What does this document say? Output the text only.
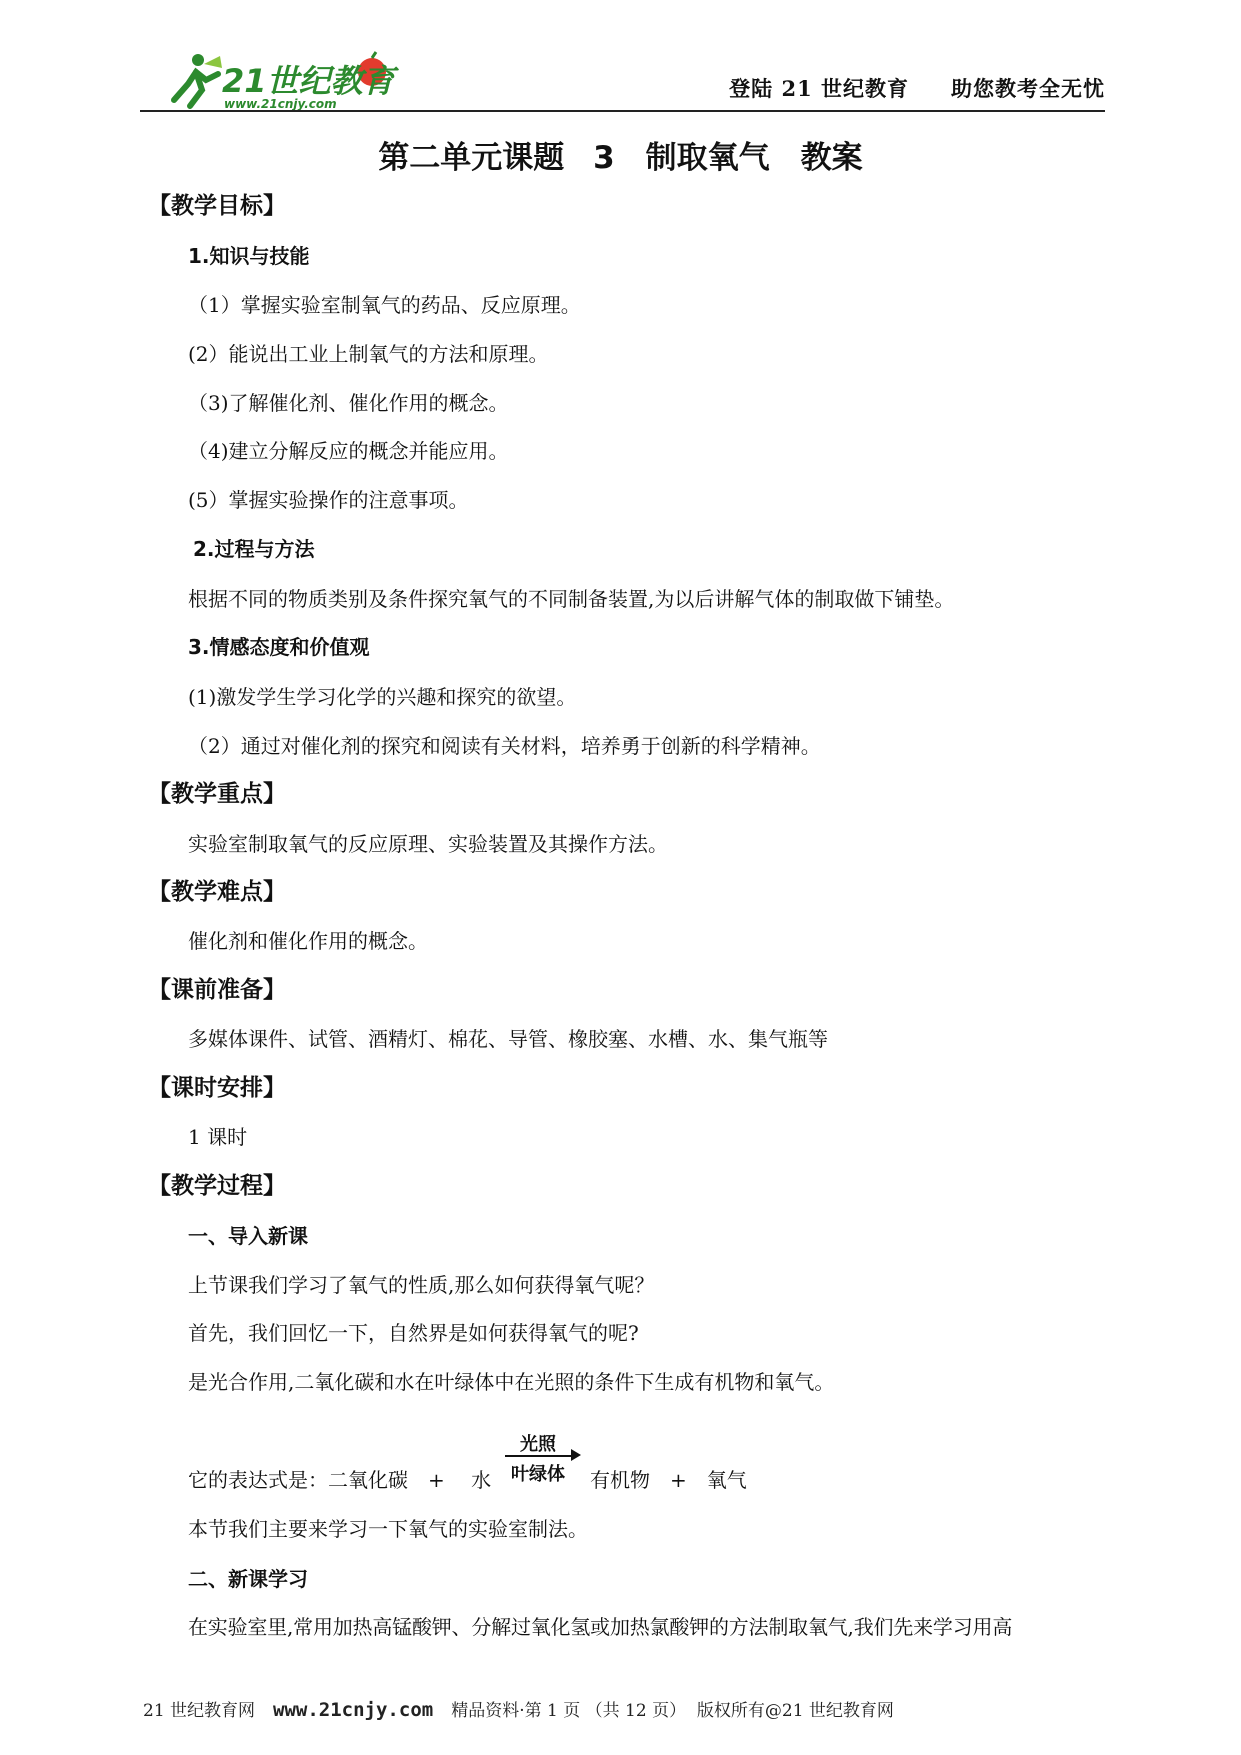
21世纪教育
www.21cnjy.com
登陆 21 世纪教育 助您教考全无忧
第二单元课题 3　制取氧气　教案
【教学目标】
1.知识与技能
（1）掌握实验室制氧气的药品、反应原理。
(2）能说出工业上制氧气的方法和原理。
（3)了解催化剂、催化作用的概念。
（4)建立分解反应的概念并能应用。
(5）掌握实验操作的注意事项。
2.过程与方法
根据不同的物质类别及条件探究氧气的不同制备装置,为以后讲解气体的制取做下铺垫。
3.情感态度和价值观
(1)激发学生学习化学的兴趣和探究的欲望。
（2）通过对催化剂的探究和阅读有关材料，培养勇于创新的科学精神。
【教学重点】
实验室制取氧气的反应原理、实验装置及其操作方法。
【教学难点】
催化剂和催化作用的概念。
【课前准备】
多媒体课件、试管、酒精灯、棉花、导管、橡胶塞、水槽、水、集气瓶等
【课时安排】
1 课时
【教学过程】
一、导入新课
上节课我们学习了氧气的性质,那么如何获得氧气呢？
首先，我们回忆一下，自然界是如何获得氧气的呢?
是光合作用,二氧化碳和水在叶绿体中在光照的条件下生成有机物和氧气。
它的表达式是：二氧化碳　+　 水
光照
叶绿体	有机物　+　氧气
本节我们主要来学习一下氧气的实验室制法。
二、新课学习
在实验室里,常用加热高锰酸钾、分解过氧化氢或加热氯酸钾的方法制取氧气,我们先来学习用高
21 世纪教育网 www.21cnjy.com 精品资料·第 1 页 （共 12 页） 版权所有@21 世纪教育网
